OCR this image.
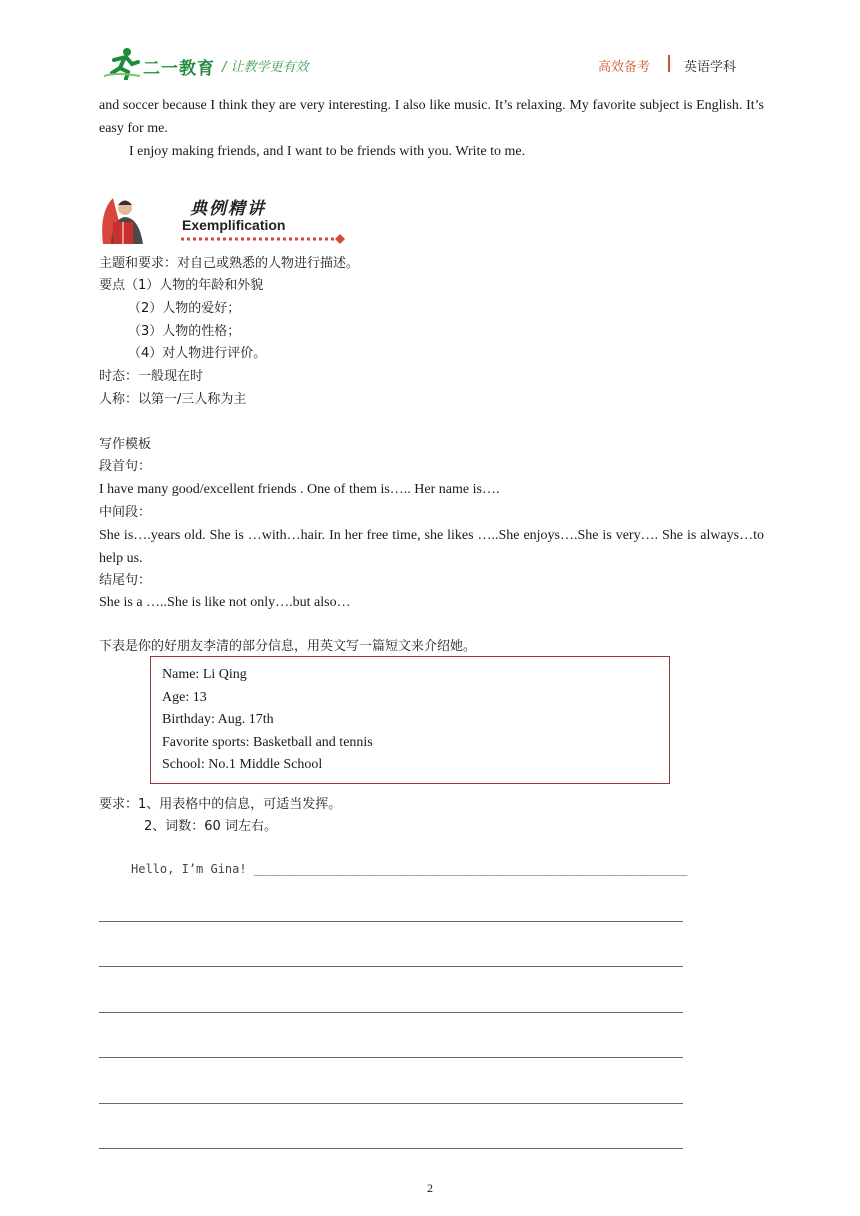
二一教育 / 让教学更有效	高效备考	英语学科
and soccer because I think they are very interesting. I also like music. It’s relaxing. My favorite subject is English. It’s easy for me.
I enjoy making friends, and I want to be friends with you. Write to me.
典例精讲
Exemplification
主题和要求：对自己或熟悉的人物进行描述。
要点（1）人物的年龄和外貌
（2）人物的爱好；
（3）人物的性格；
（4）对人物进行评价。
时态：一般现在时
人称：以第一/三人称为主
写作模板
段首句：
I have many good/excellent friends . One of them is….. Her name is….
中间段：
She is….years old. She is …with…hair. In her free time, she likes …..She enjoys….She is very…. She is always…to help us.
结尾句：
She is a …..She is like not only….but also…
下表是你的好朋友李清的部分信息，用英文写一篇短文来介绍她。
Name: Li Qing
Age: 13
Birthday: Aug. 17th
Favorite sports: Basketball and tennis
School: No.1 Middle School
要求：1、用表格中的信息，可适当发挥。
2、词数：60 词左右。
Hello, I’m Gina! ____________________________________________________________
2
